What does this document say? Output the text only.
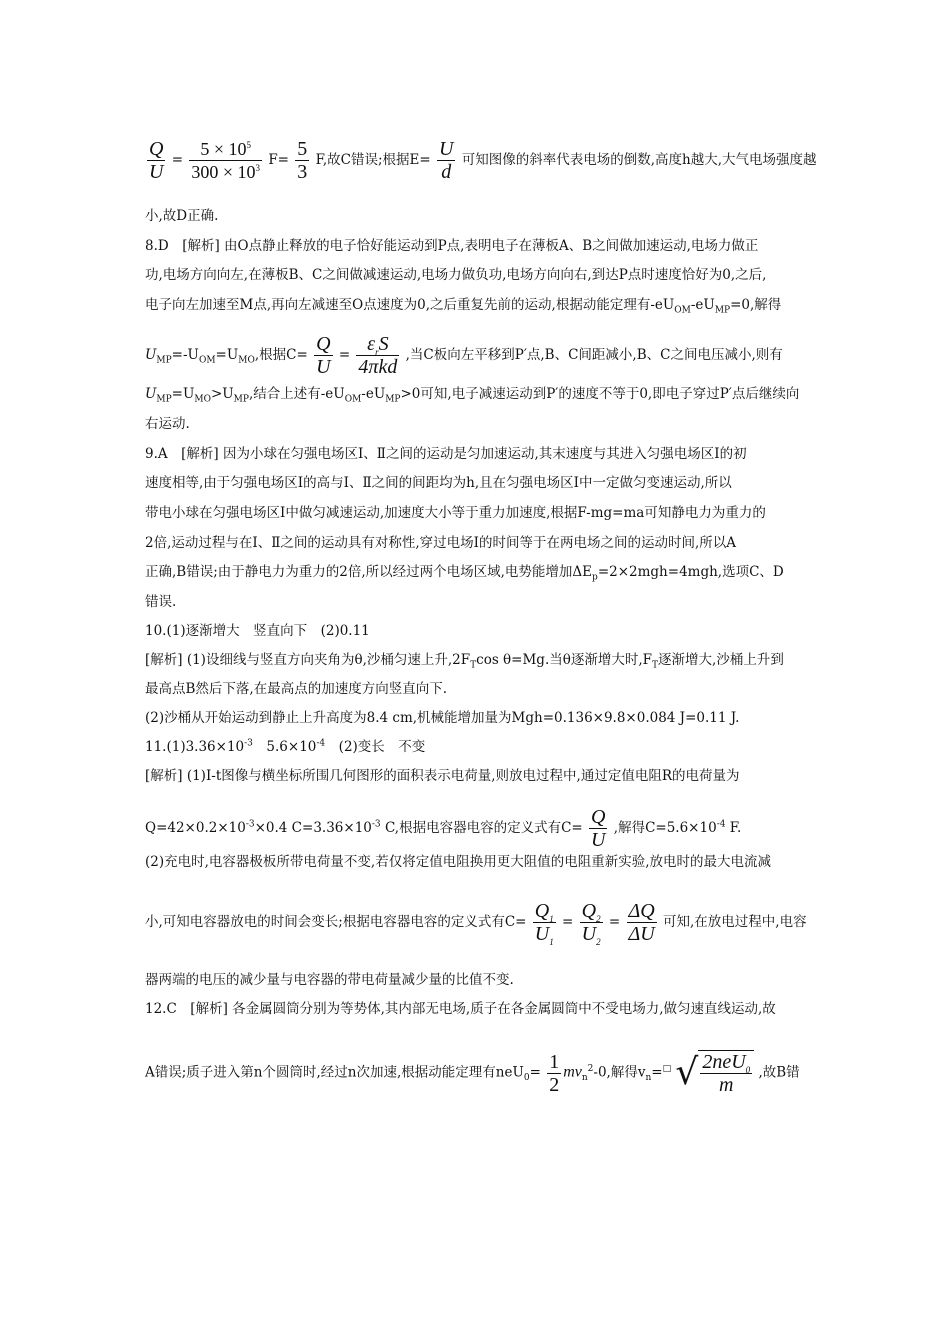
$\frac{Q}{U} = \frac{5 \times 10^5}{300 \times 10^3} F= \frac{5}{3} F$,故C错误;根据$E= \frac{U}{d}$ 可知图像的斜率代表电场的倒数,高度h越大,大气电场强度越
小,故D正确.
8.D　[解析] 由O点静止释放的电子恰好能运动到P点,表明电子在薄板A、B之间做加速运动,电场力做正
功,电场方向向左,在薄板B、C之间做减速运动,电场力做负功,电场方向向右,到达P点时速度恰好为0,之后,
电子向左加速至M点,再向左减速至O点速度为0,之后重复先前的运动,根据动能定理有$-eU_{OM}-eU_{MP}=0$,解得
$U_{MP}=-U_{OM}=U_{MO}$,根据$C= \frac{Q}{U} = \frac{\varepsilon_rS}{\text{4πkd}}$ ,当C板向左平移到P′点,B、C间距减小,B、C之间电压减小,则有
$U_{MP}=U_{MO}>U_{MP}$,结合上述有$-eU_{OM}-eU_{MP}>0$可知,电子减速运动到P′的速度不等于0,即电子穿过P′点后继续向
右运动.
9.A　[解析] 因为小球在匀强电场区Ⅰ、Ⅱ之间的运动是匀加速运动,其末速度与其进入匀强电场区Ⅰ的初
速度相等,由于匀强电场区Ⅰ的高与Ⅰ、Ⅱ之间的间距均为h,且在匀强电场区Ⅰ中一定做匀变速运动,所以
带电小球在匀强电场区Ⅰ中做匀减速运动,加速度大小等于重力加速度,根据F-mg=ma可知静电力为重力的
2倍,运动过程与在Ⅰ、Ⅱ之间的运动具有对称性,穿过电场Ⅰ的时间等于在两电场之间的运动时间,所以A
正确,B错误;由于静电力为重力的2倍,所以经过两个电场区域,电势能增加$\Delta E_p=2\times 2mgh=4mgh$,选项C、D
错误.
10.(1)逐渐增大　竖直向下　(2)0.11
[解析] (1)设细线与竖直方向夹角为θ,沙桶匀速上升$,2F_T\cos$ θ=Mg.当θ逐渐增大时$,F_T$逐渐增大,沙桶上升到
最高点B然后下落,在最高点的加速度方向竖直向下.
(2)沙桶从开始运动到静止上升高度为8.4 cm,机械能增加量为Mgh=0.136×9.8×0.084 J=0.11 J.
$11.(1)3.36\times 10^{-3}$　$5.6\times 10^{-4}$　(2)变长　不变
[解析] (1)I-t图像与横坐标所围几何图形的面积表示电荷量,则放电过程中,通过定值电阻R的电荷量为
$Q=42\times 0.2\times 10^{-3}\times 0.4$ $C=3.36\times 10^{-3}$ C,根据电容器电容的定义式有$C= \frac{Q}{U}$ ,解得$C=5.6\times 10^{-4}$ F.
(2)充电时,电容器极板所带电荷量不变,若仅将定值电阻换用更大阻值的电阻重新实验,放电时的最大电流减
小,可知电容器放电的时间会变长;根据电容器电容的定义式有$C= \frac{Q_1}{U_1} = \frac{Q_2}{U_2} = \frac{\Delta Q}{\Delta U}$ 可知,在放电过程中,电容
器两端的电压的减少量与电容器的带电荷量减少量的比值不变.
12.C　[解析] 各金属圆筒分别为等势体,其内部无电场,质子在各金属圆筒中不受电场力,做匀速直线运动,故
A错误;质子进入第n个圆筒时,经过n次加速,根据动能定理有$neU_0= \frac{1}{2} mv_n^2-0$,解得$v_n=^□$ √ $\frac{2neU_0}{m}$ ,故B错
